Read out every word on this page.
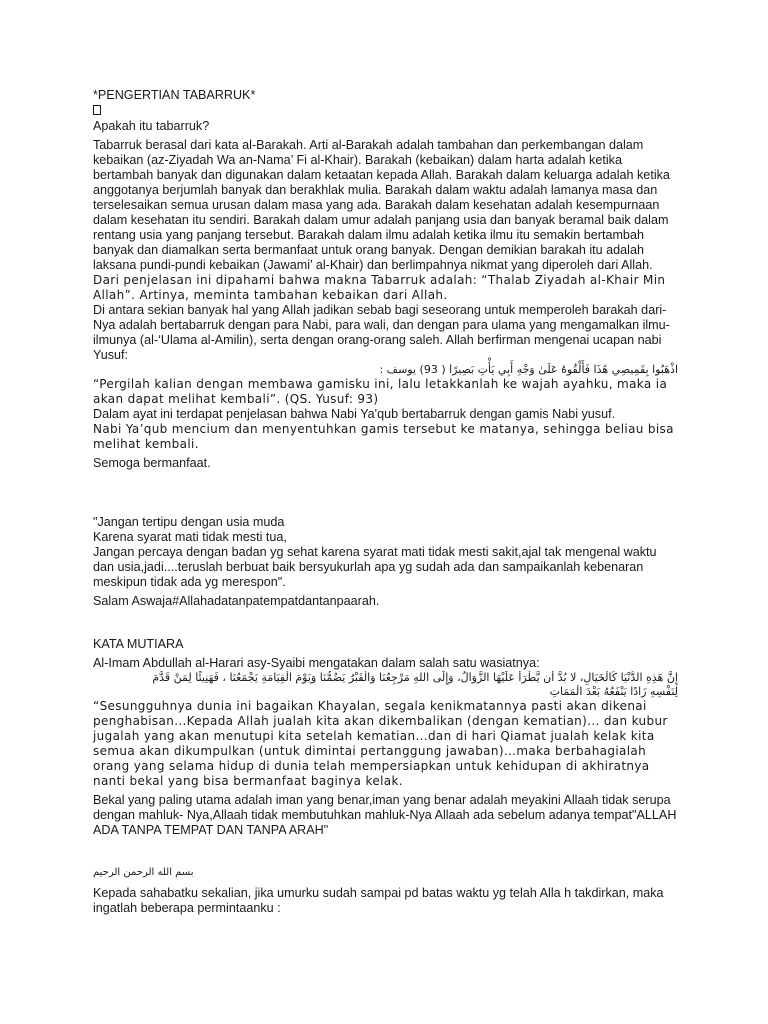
*PENGERTIAN TABARRUK*

Apakah itu tabarruk?

Tabarruk berasal dari kata al-Barakah. Arti al-Barakah adalah tambahan dan perkembangan dalam kebaikan (az-Ziyadah Wa an-Nama’ Fi al-Khair). Barakah (kebaikan) dalam harta adalah ketika bertambah banyak dan digunakan dalam ketaatan kepada Allah. Barakah dalam keluarga adalah ketika anggotanya berjumlah banyak dan berakhlak mulia. Barakah dalam waktu adalah lamanya masa dan terselesaikan semua urusan dalam masa yang ada. Barakah dalam kesehatan adalah kesempurnaan dalam kesehatan itu sendiri. Barakah dalam umur adalah panjang usia dan banyak beramal baik dalam rentang usia yang panjang tersebut. Barakah dalam ilmu adalah ketika ilmu itu semakin bertambah banyak dan diamalkan serta bermanfaat untuk orang banyak. Dengan demikian barakah itu adalah laksana pundi-pundi kebaikan (Jawami’ al-Khair) dan berlimpahnya nikmat yang diperoleh dari Allah.

Dari penjelasan ini dipahami bahwa makna Tabarruk adalah: “Thalab Ziyadah al-Khair Min Allah”. Artinya, meminta tambahan kebaikan dari Allah.

Di antara sekian banyak hal yang Allah jadikan sebab bagi seseorang untuk memperoleh barakah dari-Nya adalah bertabarruk dengan para Nabi, para wali, dan dengan para ulama yang mengamalkan ilmu-ilmunya (al-‘Ulama al-Amilin), serta dengan orang-orang saleh. Allah berfirman mengenai ucapan nabi Yusuf:

اذْهَبُوا بِقَمِيصِي هَٰذَا فَأَلْقُوهُ عَلَىٰ وَجْهِ أَبِي يَأْتِ بَصِيرًا ( 93) يوسف :

“Pergilah kalian dengan membawa gamisku ini, lalu letakkanlah ke wajah ayahku, maka ia akan dapat melihat kembali”. (QS. Yusuf: 93)

Dalam ayat ini terdapat penjelasan bahwa Nabi Ya'qub bertabarruk dengan gamis Nabi yusuf.

Nabi Ya’qub mencium dan menyentuhkan gamis tersebut ke matanya, sehingga beliau bisa melihat kembali.

Semoga bermanfaat.

"Jangan tertipu dengan usia muda

Karena syarat mati tidak mesti tua,

Jangan percaya dengan badan yg sehat karena syarat mati tidak mesti sakit,ajal tak mengenal waktu dan usia,jadi....teruslah berbuat baik bersyukurlah apa yg sudah ada dan sampaikanlah kebenaran meskipun tidak ada yg merespon".

Salam Aswaja#Allahadatanpatempatdantanpaarah.

KATA MUTIARA

Al-Imam Abdullah al-Harari asy-Syaibi mengatakan dalam salah satu wasiatnya:

إِنَّ هَذِهِ الدُّنْيَا كَالْخَيَالِ، لا بُدَّ أَن يَّطْرَأَ عَلَيْهَا الزَّوَالُ، وَإِلَى اللهِ مَرْجِعُنَا وَالْقَبْرُ يَضُمُّنَا وَيَوْمَ الْقِيَامَةِ يَجْمَعُنَا ، فَهَنِيئًا لِمَنْ قَدَّمَ
لِنَفْسِهِ زَادًا يَنْفَعُهُ بَعْدَ الْمَمَاتِ

“Sesungguhnya dunia ini bagaikan Khayalan, segala kenikmatannya pasti akan dikenai penghabisan...Kepada Allah jualah kita akan dikembalikan (dengan kematian)... dan kubur jugalah yang akan menutupi kita setelah kematian...dan di hari Qiamat jualah kelak kita semua akan dikumpulkan (untuk dimintai pertanggung jawaban)...maka berbahagialah orang yang selama hidup di dunia telah mempersiapkan untuk kehidupan di akhiratnya nanti bekal yang bisa bermanfaat baginya kelak.

Bekal yang paling utama adalah iman yang benar,iman yang benar adalah meyakini Allaah tidak serupa dengan mahluk- Nya,Allaah tidak membutuhkan mahluk-Nya Allaah ada sebelum adanya tempat"ALLAH ADA TANPA TEMPAT DAN TANPA ARAH"

بسم الله الرحمن الرحيم

Kepada sahabatku sekalian, jika umurku sudah sampai pd batas waktu yg telah Alla h takdirkan, maka ingatlah beberapa permintaanku :
